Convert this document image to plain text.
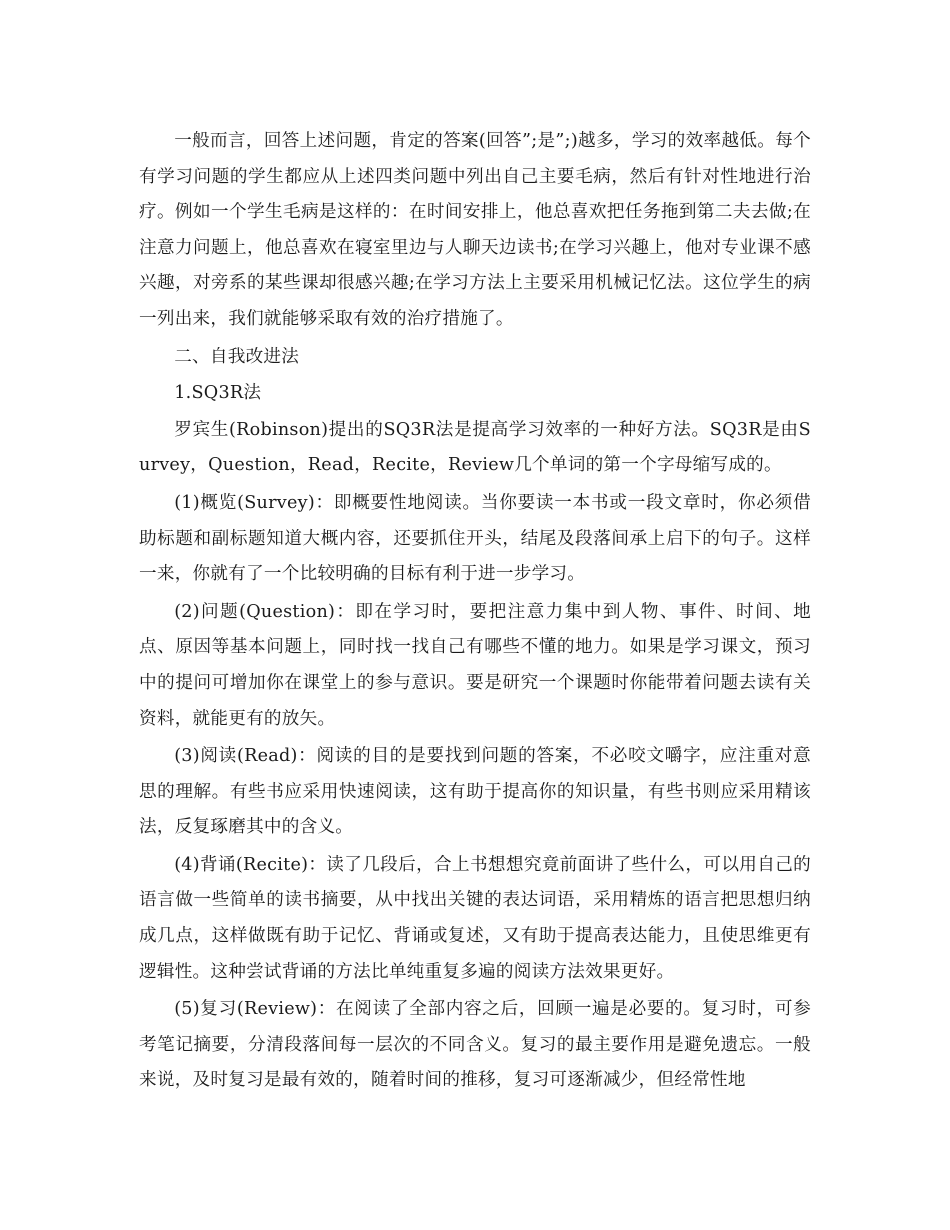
一般而言，回答上述问题，肯定的答案(回答”;是”;)越多，学习的效率越低。每个有学习问题的学生都应从上述四类问题中列出自己主要毛病，然后有针对性地进行治疗。例如一个学生毛病是这样的：在时间安排上，他总喜欢把任务拖到第二夫去做;在注意力问题上，他总喜欢在寝室里边与人聊天边读书;在学习兴趣上，他对专业课不感兴趣，对旁系的某些课却很感兴趣;在学习方法上主要采用机械记忆法。这位学生的病一列出来，我们就能够采取有效的治疗措施了。

二、自我改进法

1.SQ3R法

罗宾生(Robinson)提出的SQ3R法是提高学习效率的一种好方法。SQ3R是由Survey，Question，Read，Recite，Review几个单词的第一个字母缩写成的。

(1)概览(Survey)：即概要性地阅读。当你要读一本书或一段文章时，你必须借助标题和副标题知道大概内容，还要抓住开头，结尾及段落间承上启下的句子。这样一来，你就有了一个比较明确的目标有利于进一步学习。

(2)问题(Question)：即在学习时，要把注意力集中到人物、事件、时间、地点、原因等基本问题上，同时找一找自己有哪些不懂的地力。如果是学习课文，预习中的提问可增加你在课堂上的参与意识。要是研究一个课题时你能带着问题去读有关资料，就能更有的放矢。

(3)阅读(Read)：阅读的目的是要找到问题的答案，不必咬文嚼字，应注重对意思的理解。有些书应采用快速阅读，这有助于提高你的知识量，有些书则应采用精该法，反复琢磨其中的含义。

(4)背诵(Recite)：读了几段后，合上书想想究竟前面讲了些什么，可以用自己的语言做一些简单的读书摘要，从中找出关键的表达词语，采用精炼的语言把思想归纳成几点，这样做既有助于记忆、背诵或复述，又有助于提高表达能力，且使思维更有逻辑性。这种尝试背诵的方法比单纯重复多遍的阅读方法效果更好。

(5)复习(Review)：在阅读了全部内容之后，回顾一遍是必要的。复习时，可参考笔记摘要，分清段落间每一层次的不同含义。复习的最主要作用是避免遗忘。一般来说，及时复习是最有效的，随着时间的推移，复习可逐渐减少，但经常性地
